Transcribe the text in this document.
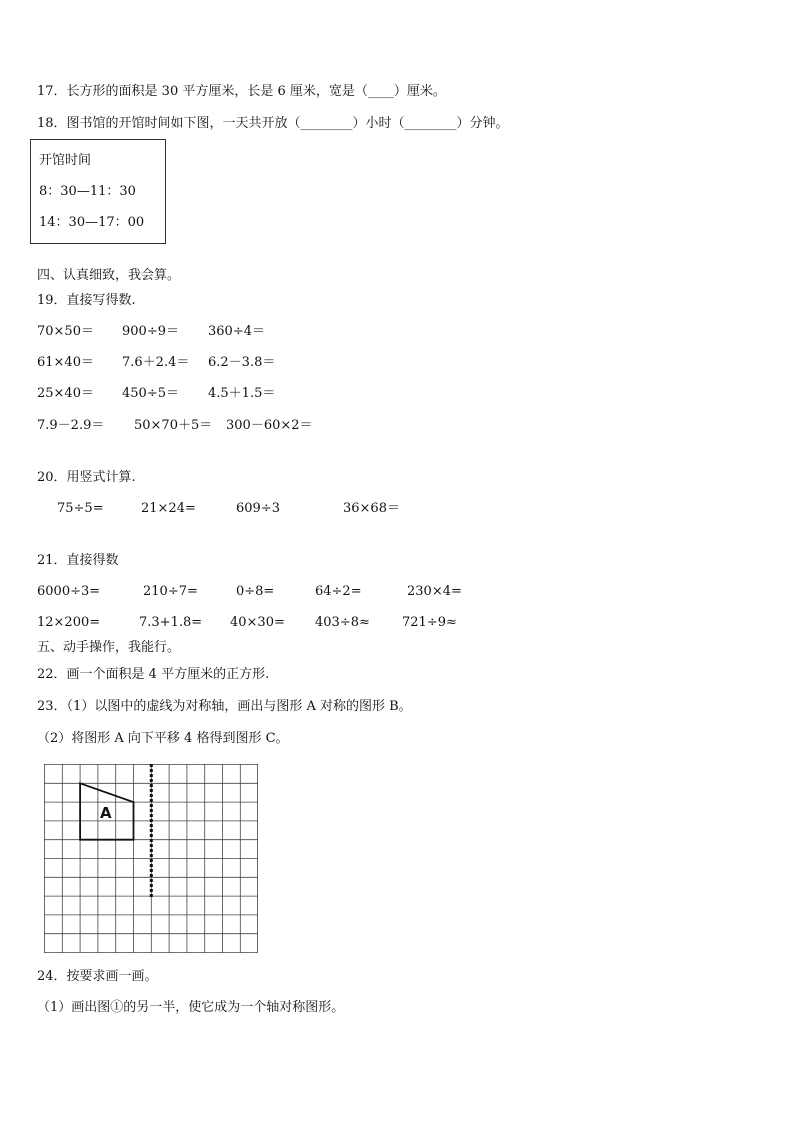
17．长方形的面积是 30 平方厘米，长是 6 厘米，宽是（____）厘米。
18．图书馆的开馆时间如下图，一天共开放（________）小时（________）分钟。
开馆时间
8：30—11：30
14：30—17：00
四、认真细致，我会算。
19．直接写得数.
70×50＝ 900÷9＝ 360÷4＝
61×40＝ 7.6＋2.4＝ 6.2－3.8＝
25×40＝ 450÷5＝ 4.5＋1.5＝
7.9－2.9＝ 50×70＋5＝ 300－60×2＝
20．用竖式计算.
75÷5=	21×24=	609÷3	36×68＝
21．直接得数
6000÷3=	210÷7=	0÷8=	64÷2=	230×4=
12×200=	7.3+1.8= 40×30= 403÷8≈ 721÷9≈
五、动手操作，我能行。
22．画一个面积是 4 平方厘米的正方形.
23．（1）以图中的虚线为对称轴，画出与图形 A 对称的图形 B。
（2）将图形 A 向下平移 4 格得到图形 C。
A
24．按要求画一画。
（1）画出图①的另一半，使它成为一个轴对称图形。
